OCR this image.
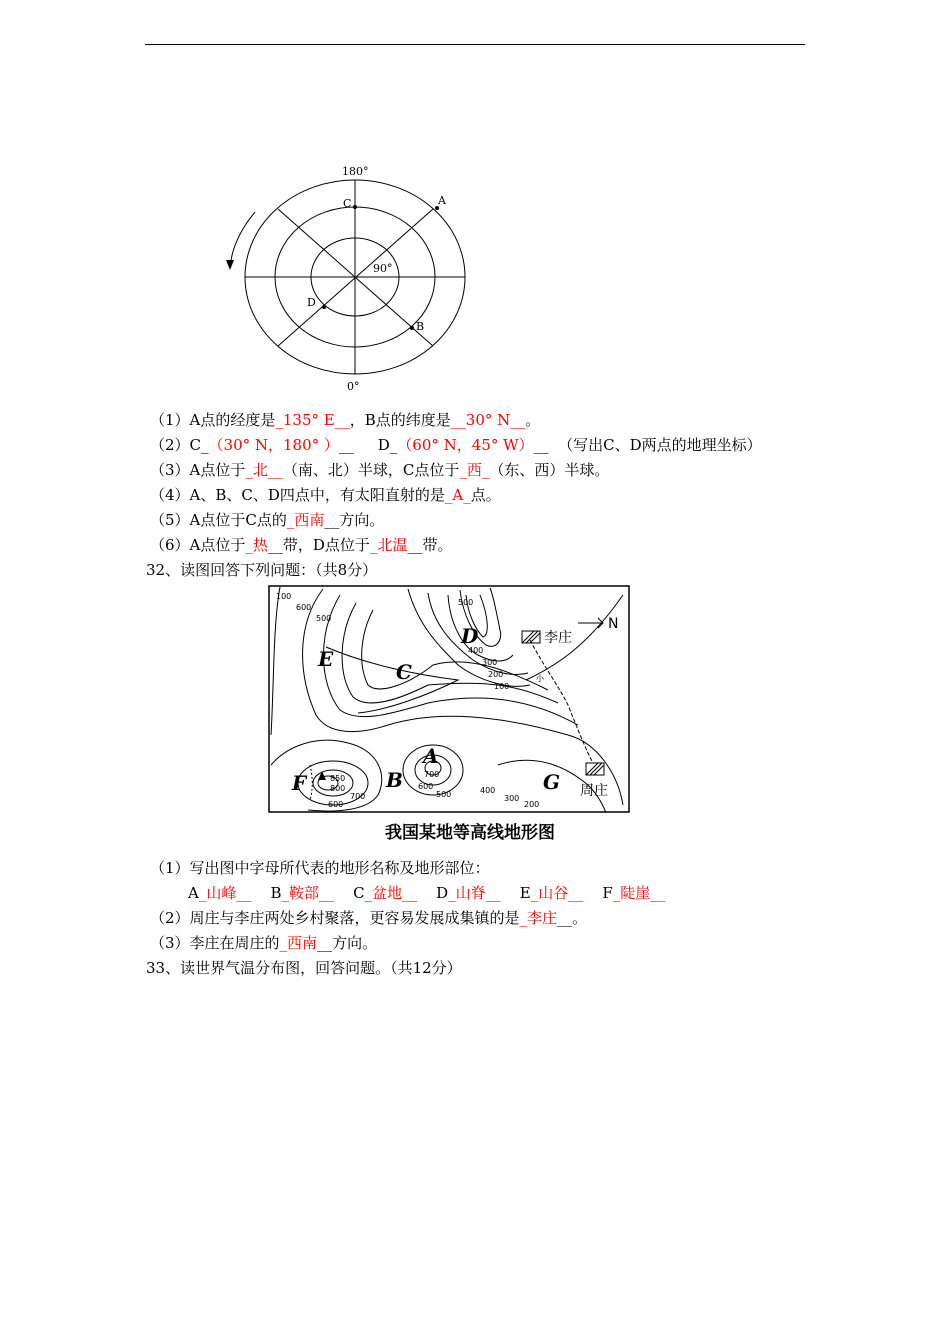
180°
0°
90°
A
B
C
D
（1）A点的经度是_135° E__，B点的纬度是__30° N__。
（2）C_（30° N，180° ）__     D_（60° N，45° W）__  （写出C、D两点的地理坐标）
（3）A点位于_北__（南、北）半球，C点位于_西_（东、西）半球。
（4）A、B、C、D四点中，有太阳直射的是_A_点。
（5）A点位于C点的_西南__方向。
（6）A点位于_热__带，D点位于_北温__带。
32、读图回答下列问题：（共8分）
A
B
C
D
E
F	G
李庄
周庄
N
100
600
500
500
400
300
200
100
700
600
500
850
800
700
600
400
300
200
小
我国某地等高线地形图
（1）写出图中字母所代表的地形名称及地形部位：
A_山峰__ B_鞍部__ C_盆地__ D_山脊__ E_山谷__ F_陡崖__
（2）周庄与李庄两处乡村聚落，更容易发展成集镇的是_李庄__。
（3）李庄在周庄的_西南__方向。
33、读世界气温分布图，回答问题。（共12分）
